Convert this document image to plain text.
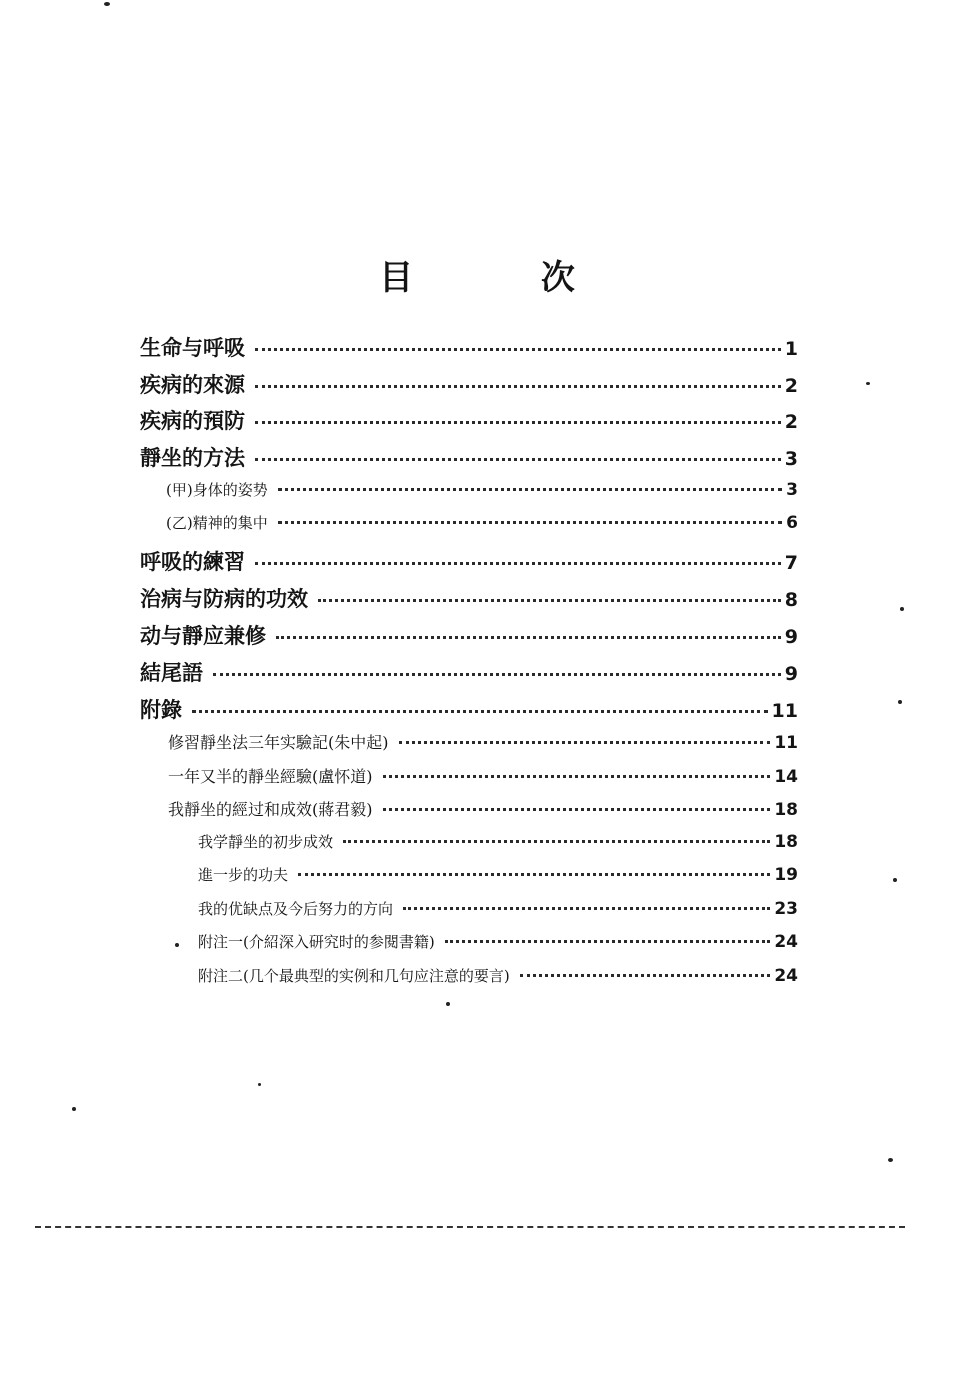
目 次
生命与呼吸	1
疾病的來源	2
疾病的預防	2
靜坐的方法	3
(甲)身体的姿势	3
(乙)精神的集中	6
呼吸的練習	7
治病与防病的功效	8
动与靜应兼修	9
結尾語	9
附錄	11
修習靜坐法三年实驗記(朱中起)	11
一年又半的靜坐經驗(盧怀道)	14
我靜坐的經过和成效(蔣君毅)	18
我学靜坐的初步成效	18
進一步的功夫	19
我的优缺点及今后努力的方向	23
附注一(介紹深入研究时的参閱書籍)	24
附注二(几个最典型的实例和几句应注意的要言)	24
